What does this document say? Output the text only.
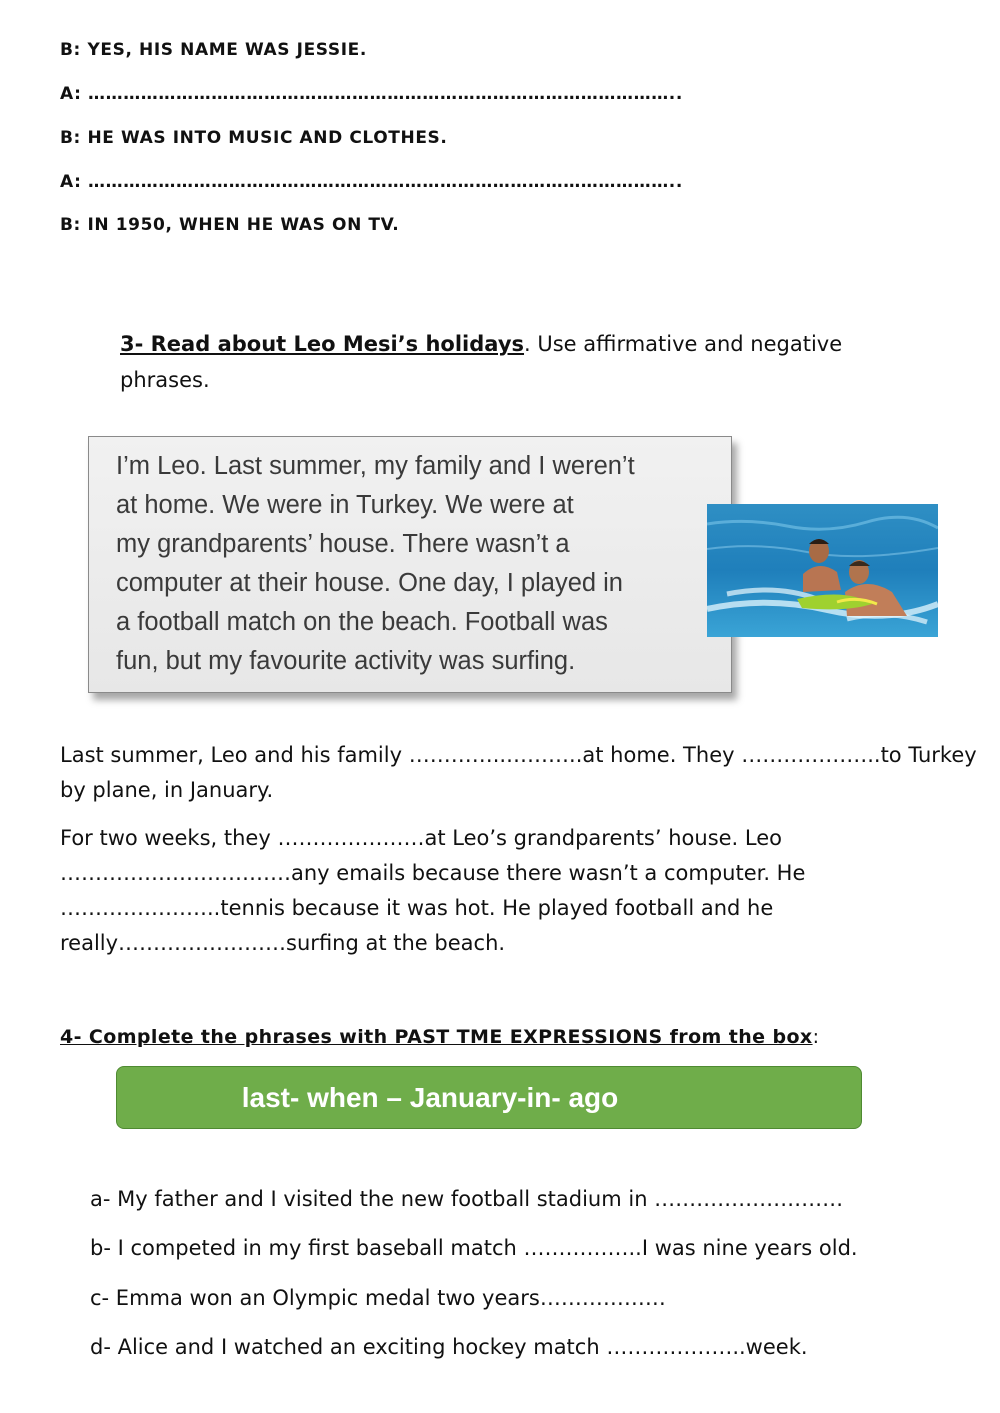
B: YES, HIS NAME WAS JESSIE.
A: ………………………………………………………………………………………..
B: HE WAS INTO MUSIC AND CLOTHES.
A: ………………………………………………………………………………………..
B: IN 1950, WHEN HE WAS ON TV.
3- Read about Leo Mesi’s holidays. Use affirmative and negative phrases.
I’m Leo. Last summer, my family and I weren’t
at home. We were in Turkey. We were at
my grandparents’ house. There wasn’t a
computer at their house. One day, I played in
a football match on the beach. Football was
fun, but my favourite activity was surfing.
Last summer, Leo and his family …………..………..at home. They ………………..to Turkey
by plane, in January.
For two weeks, they …………………at Leo’s grandparents’ house. Leo
……………………………any emails because there wasn’t a computer. He
…………………..tennis because it was hot. He played football and he
really……………………surfing at the beach.
4- Complete the phrases with PAST TME EXPRESSIONS from the box:
last- when – January-in- ago
a- My father and I visited the new football stadium in ………………………
b- I competed in my first baseball match ……………..I was nine years old.
c- Emma won an Olympic medal two years………………
d- Alice and I watched an exciting hockey match ………………..week.
